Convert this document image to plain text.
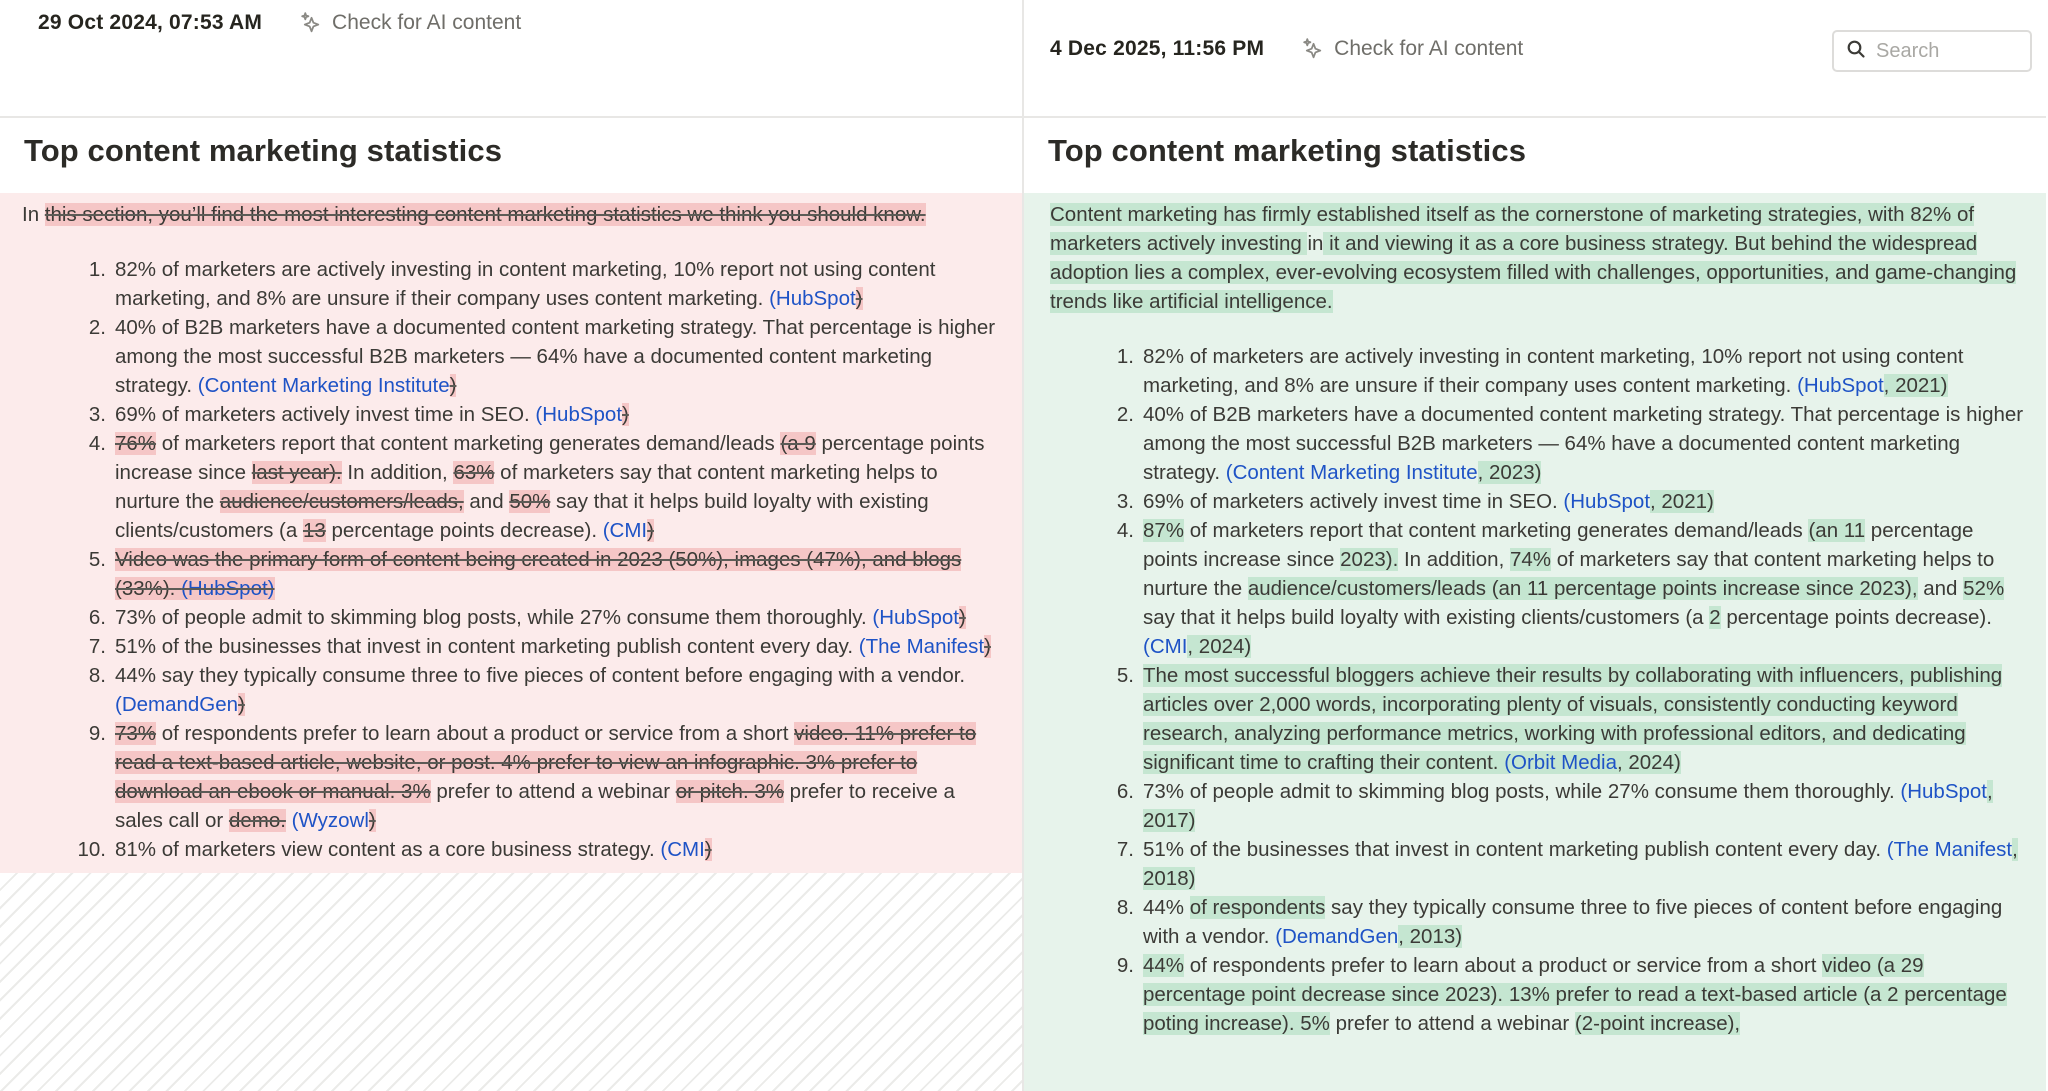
29 Oct 2024, 07:53 AM	Check for AI content
Top content marketing statistics

In this section, you’ll find the most interesting content marketing statistics we think you should know.

82% of marketers are actively investing in content marketing, 10% report not using content marketing, and 8% are unsure if their company uses content marketing. (HubSpot)
40% of B2B marketers have a documented content marketing strategy. That percentage is higher among the most successful B2B marketers — 64% have a documented content marketing strategy. (Content Marketing Institute)
69% of marketers actively invest time in SEO. (HubSpot)
76% of marketers report that content marketing generates demand/leads (a 9 percentage points increase since last year). In addition, 63% of marketers say that content marketing helps to nurture the audience/customers/leads, and 50% say that it helps build loyalty with existing clients/customers (a 13 percentage points decrease). (CMI)
Video was the primary form of content being created in 2023 (50%), images (47%), and blogs (33%). (HubSpot)
73% of people admit to skimming blog posts, while 27% consume them thoroughly. (HubSpot)
51% of the businesses that invest in content marketing publish content every day. (The Manifest)
44% say they typically consume three to five pieces of content before engaging with a vendor. (DemandGen)
73% of respondents prefer to learn about a product or service from a short video. 11% prefer to read a text-based article, website, or post. 4% prefer to view an infographic. 3% prefer to download an ebook or manual. 3% prefer to attend a webinar or pitch. 3% prefer to receive a sales call or demo. (Wyzowl)
81% of marketers view content as a core business strategy. (CMI)
4 Dec 2025, 11:56 PM	Check for AI content
Search
Top content marketing statistics

Content marketing has firmly established itself as the cornerstone of marketing strategies, with 82% of marketers actively investing in it and viewing it as a core business strategy. But behind the widespread adoption lies a complex, ever-evolving ecosystem filled with challenges, opportunities, and game-changing trends like artificial intelligence.

82% of marketers are actively investing in content marketing, 10% report not using content marketing, and 8% are unsure if their company uses content marketing. (HubSpot, 2021)
40% of B2B marketers have a documented content marketing strategy. That percentage is higher among the most successful B2B marketers — 64% have a documented content marketing strategy. (Content Marketing Institute, 2023)
69% of marketers actively invest time in SEO. (HubSpot, 2021)
87% of marketers report that content marketing generates demand/leads (an 11 percentage points increase since 2023). In addition, 74% of marketers say that content marketing helps to nurture the audience/customers/leads (an 11 percentage points increase since 2023), and 52% say that it helps build loyalty with existing clients/customers (a 2 percentage points decrease). (CMI, 2024)
The most successful bloggers achieve their results by collaborating with influencers, publishing articles over 2,000 words, incorporating plenty of visuals, consistently conducting keyword research, analyzing performance metrics, working with professional editors, and dedicating significant time to crafting their content. (Orbit Media, 2024)
73% of people admit to skimming blog posts, while 27% consume them thoroughly. (HubSpot, 2017)
51% of the businesses that invest in content marketing publish content every day. (The Manifest, 2018)
44% of respondents say they typically consume three to five pieces of content before engaging with a vendor. (DemandGen, 2013)
44% of respondents prefer to learn about a product or service from a short video (a 29 percentage point decrease since 2023). 13% prefer to read a text-based article (a 2 percentage poting increase). 5% prefer to attend a webinar (2-point increase),
